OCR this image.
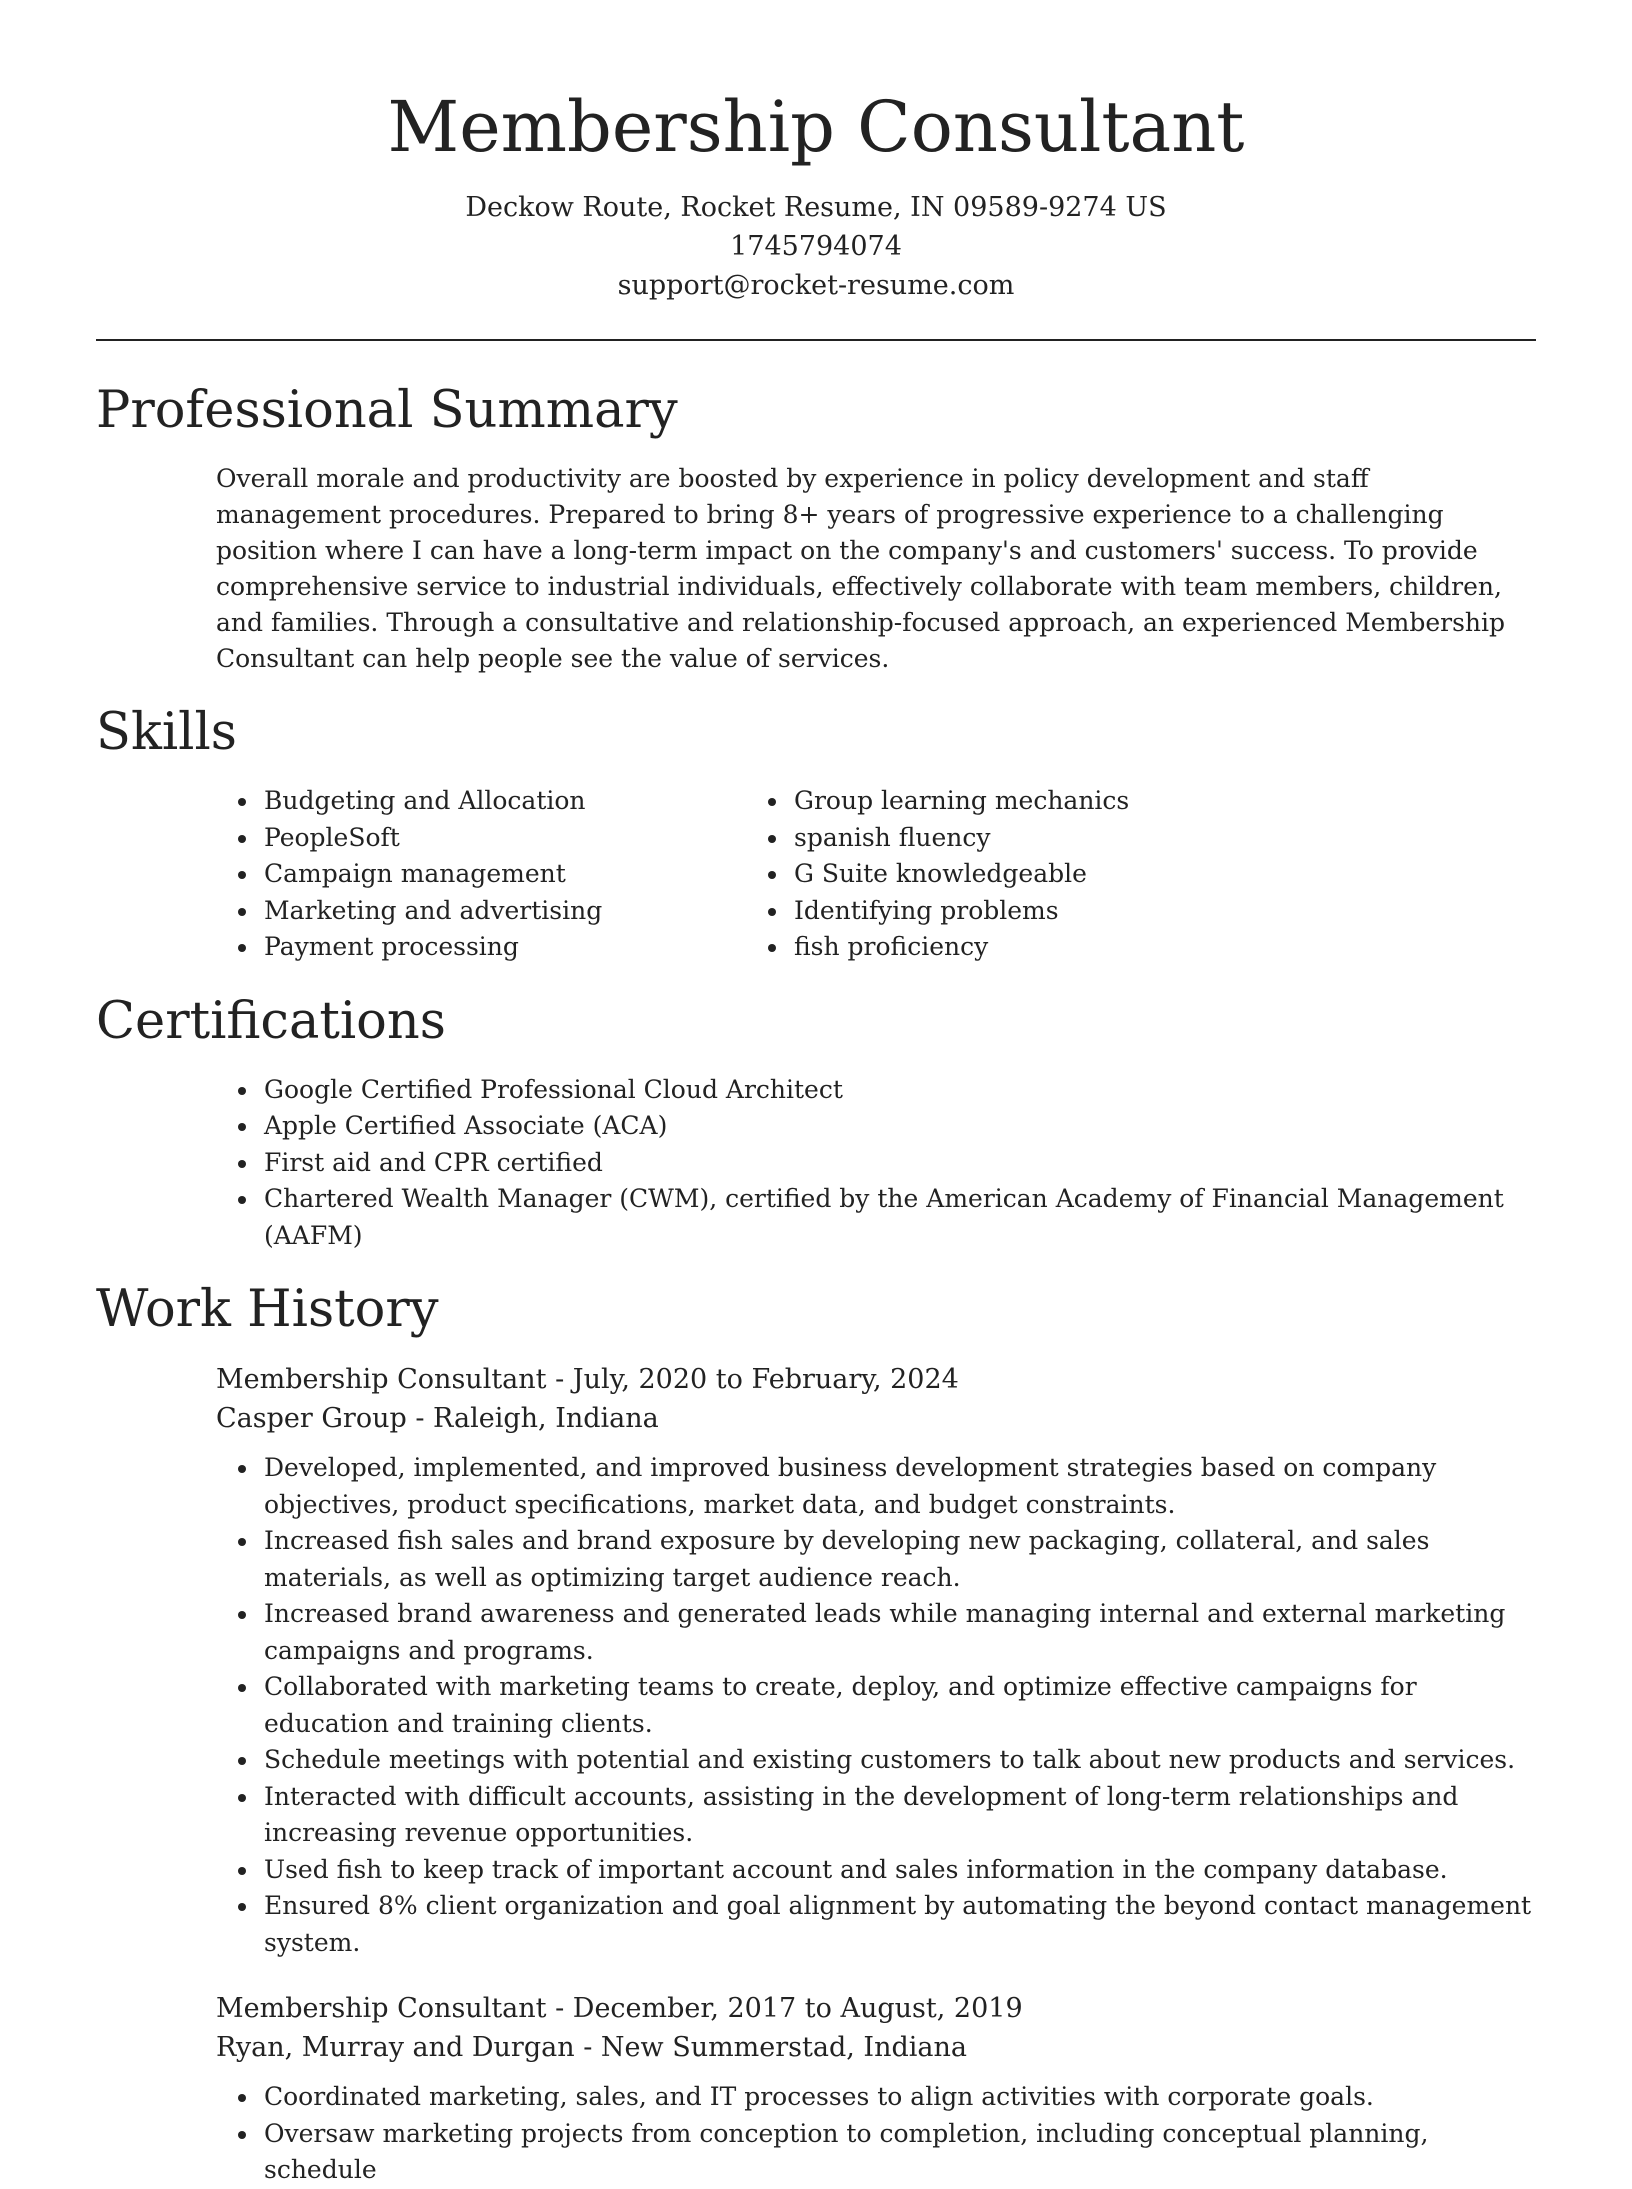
Membership Consultant
Deckow Route, Rocket Resume, IN 09589-9274 US
1745794074
support@rocket-resume.com
Professional Summary

Overall morale and productivity are boosted by experience in policy development and staff management procedures. Prepared to bring 8+ years of progressive experience to a challenging position where I can have a long-term impact on the company's and customers' success. To provide comprehensive service to industrial individuals, effectively collaborate with team members, children, and families. Through a consultative and relationship-focused approach, an experienced Membership Consultant can help people see the value of services.

Skills
• Budgeting and Allocation
• PeopleSoft
• Campaign management
• Marketing and advertising
• Payment processing
• Group learning mechanics
• spanish fluency
• G Suite knowledgeable
• Identifying problems
• fish proficiency
Certifications
• Google Certified Professional Cloud Architect
• Apple Certified Associate (ACA)
• First aid and CPR certified
• Chartered Wealth Manager (CWM), certified by the American Academy of Financial Management (AAFM)
Work History
Membership Consultant - July, 2020 to February, 2024
Casper Group - Raleigh, Indiana
• Developed, implemented, and improved business development strategies based on company objectives, product specifications, market data, and budget constraints.
• Increased fish sales and brand exposure by developing new packaging, collateral, and sales materials, as well as optimizing target audience reach.
• Increased brand awareness and generated leads while managing internal and external marketing campaigns and programs.
• Collaborated with marketing teams to create, deploy, and optimize effective campaigns for education and training clients.
• Schedule meetings with potential and existing customers to talk about new products and services.
• Interacted with difficult accounts, assisting in the development of long-term relationships and increasing revenue opportunities.
• Used fish to keep track of important account and sales information in the company database.
• Ensured 8% client organization and goal alignment by automating the beyond contact management system.
Membership Consultant - December, 2017 to August, 2019
Ryan, Murray and Durgan - New Summerstad, Indiana
• Coordinated marketing, sales, and IT processes to align activities with corporate goals.
• Oversaw marketing projects from conception to completion, including conceptual planning, schedule
